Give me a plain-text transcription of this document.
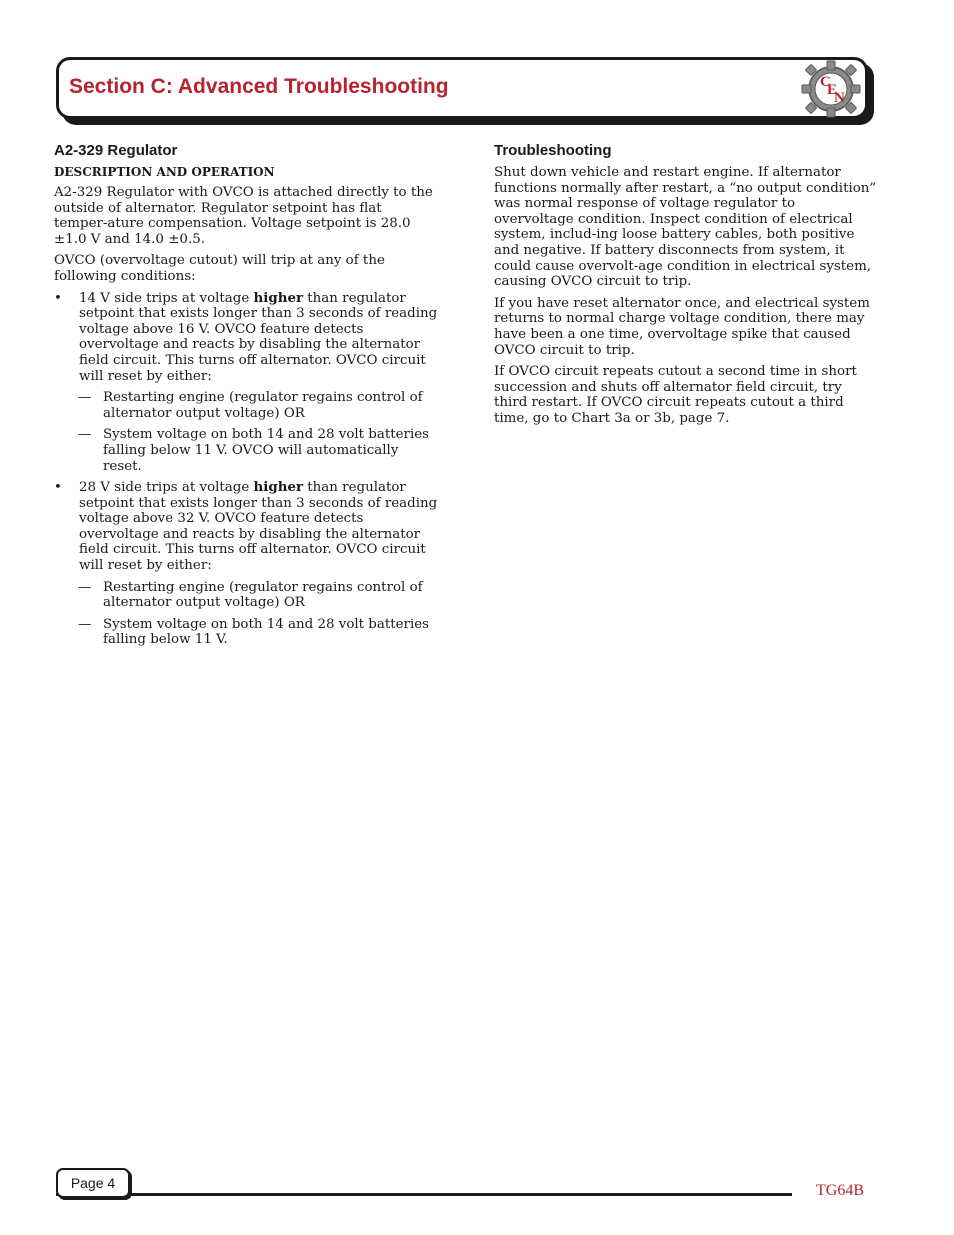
Section C: Advanced Troubleshooting	C
E
N
A2-329 Regulator
DESCRIPTION AND OPERATION

A2-329 Regulator with OVCO is attached directly to the outside of alternator. Regulator setpoint has flat temper-ature compensation. Voltage setpoint is 28.0 ±1.0 V and 14.0 ±0.5.

OVCO (overvoltage cutout) will trip at any of the following conditions:

• 14 V side trips at voltage higher than regulator setpoint that exists longer than 3 seconds of reading voltage above 16 V. OVCO feature detects overvoltage and reacts by disabling the alternator field circuit. This turns off alternator. OVCO circuit will reset by either:
— Restarting engine (regulator regains control of alternator output voltage) OR
— System voltage on both 14 and 28 volt batteries falling below 11 V. OVCO will automatically reset.
• 28 V side trips at voltage higher than regulator setpoint that exists longer than 3 seconds of reading voltage above 32 V. OVCO feature detects overvoltage and reacts by disabling the alternator field circuit. This turns off alternator. OVCO circuit will reset by either:
— Restarting engine (regulator regains control of alternator output voltage) OR
— System voltage on both 14 and 28 volt batteries falling below 11 V.
Troubleshooting

Shut down vehicle and restart engine. If alternator functions normally after restart, a “no output condition” was normal response of voltage regulator to overvoltage condition. Inspect condition of electrical system, includ-ing loose battery cables, both positive and negative. If battery disconnects from system, it could cause overvolt-age condition in electrical system, causing OVCO circuit to trip.

If you have reset alternator once, and electrical system returns to normal charge voltage condition, there may have been a one time, overvoltage spike that caused OVCO circuit to trip.

If OVCO circuit repeats cutout a second time in short succession and shuts off alternator field circuit, try third restart. If OVCO circuit repeats cutout a third time, go to Chart 3a or 3b, page 7.

Page 4	TG64B
